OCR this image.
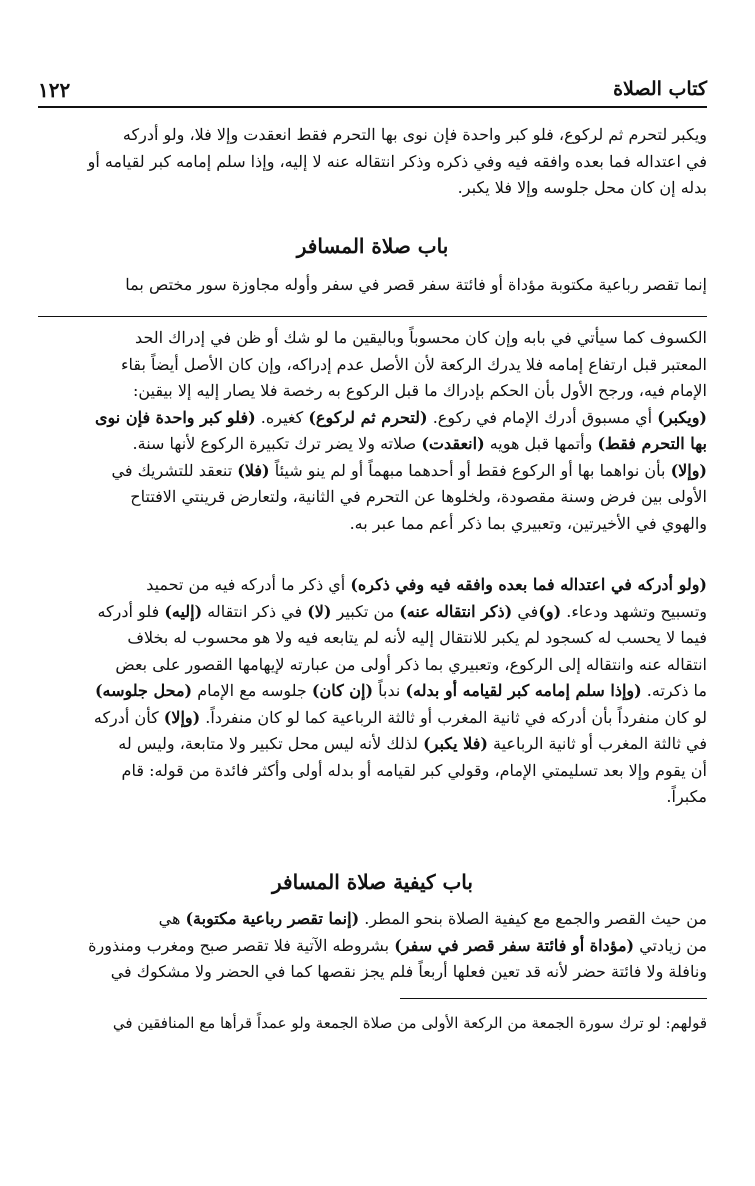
كتاب الصلاة
١٢٢
ويكبر لتحرم ثم لركوع، فلو كبر واحدة فإن نوى بها التحرم فقط انعقدت وإلا فلا، ولو أدركه
في اعتداله فما بعده وافقه فيه وفي ذكره وذكر انتقاله عنه لا إليه، وإذا سلم إمامه كبر لقيامه أو
بدله إن كان محل جلوسه وإلا فلا يكبر.
باب صلاة المسافر
إنما تقصر رباعية مكتوبة مؤداة أو فائتة سفر قصر في سفر وأوله مجاوزة سور مختص بما
الكسوف كما سيأتي في بابه وإن كان محسوباً وباليقين ما لو شك أو ظن في إدراك الحد
المعتبر قبل ارتفاع إمامه فلا يدرك الركعة لأن الأصل عدم إدراكه، وإن كان الأصل أيضاً بقاء
الإمام فيه، ورجح الأول بأن الحكم بإدراك ما قبل الركوع به رخصة فلا يصار إليه إلا بيقين:
(ويكبر) أي مسبوق أدرك الإمام في ركوع. (لتحرم ثم لركوع) كغيره. (فلو كبر واحدة فإن نوى
بها التحرم فقط) وأتمها قبل هويه (انعقدت) صلاته ولا يضر ترك تكبيرة الركوع لأنها سنة.
(وإلا) بأن نواهما بها أو الركوع فقط أو أحدهما مبهماً أو لم ينو شيئاً (فلا) تنعقد للتشريك في
الأولى بين فرض وسنة مقصودة، ولخلوها عن التحرم في الثانية، ولتعارض قرينتي الافتتاح
والهوي في الأخيرتين، وتعبيري بما ذكر أعم مما عبر به.
(ولو أدركه في اعتداله فما بعده وافقه فيه وفي ذكره) أي ذكر ما أدركه فيه من تحميد
وتسبيح وتشهد ودعاء. (و)في (ذكر انتقاله عنه) من تكبير (لا) في ذكر انتقاله (إليه) فلو أدركه
فيما لا يحسب له كسجود لم يكبر للانتقال إليه لأنه لم يتابعه فيه ولا هو محسوب له بخلاف
انتقاله عنه وانتقاله إلى الركوع، وتعبيري بما ذكر أولى من عبارته لإيهامها القصور على بعض
ما ذكرته. (وإذا سلم إمامه كبر لقيامه أو بدله) ندباً (إن كان) جلوسه مع الإمام (محل جلوسه)
لو كان منفرداً بأن أدركه في ثانية المغرب أو ثالثة الرباعية كما لو كان منفرداً. (وإلا) كأن أدركه
في ثالثة المغرب أو ثانية الرباعية (فلا يكبر) لذلك لأنه ليس محل تكبير ولا متابعة، وليس له
أن يقوم وإلا بعد تسليمتي الإمام، وقولي كبر لقيامه أو بدله أولى وأكثر فائدة من قوله: قام
مكبراً.
باب كيفية صلاة المسافر
من حيث القصر والجمع مع كيفية الصلاة بنحو المطر. (إنما تقصر رباعية مكتوبة) هي
من زيادتي (مؤداة أو فائتة سفر قصر في سفر) بشروطه الآتية فلا تقصر صبح ومغرب ومنذورة
ونافلة ولا فائتة حضر لأنه قد تعين فعلها أربعاً فلم يجز نقصها كما في الحضر ولا مشكوك في
قولهم: لو ترك سورة الجمعة من الركعة الأولى من صلاة الجمعة ولو عمداً قرأها مع المنافقين في
